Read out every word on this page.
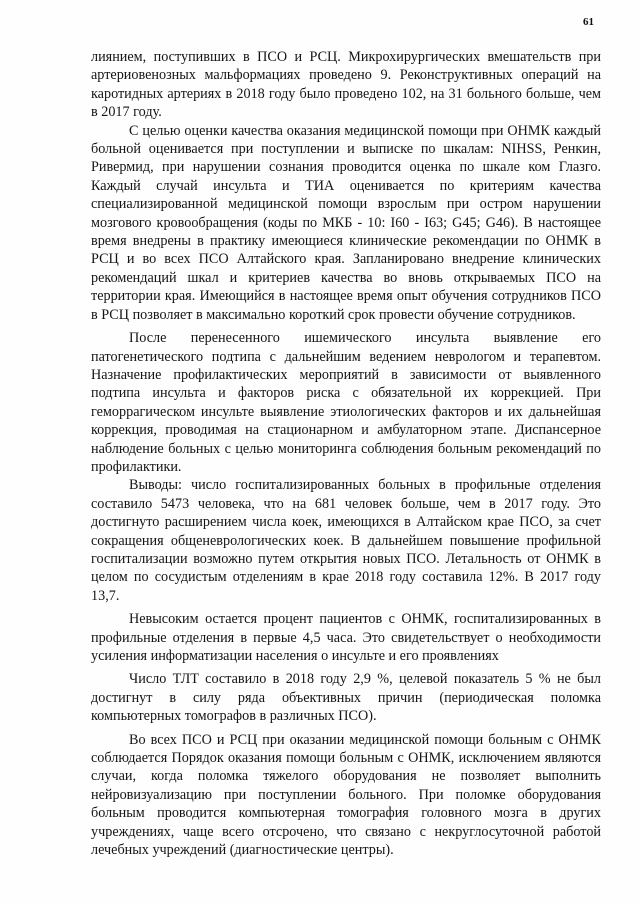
61

лиянием, поступивших в ПСО и РСЦ. Микрохирургических вмешательств при артериовенозных мальформациях проведено 9. Реконструктивных операций на каротидных артериях в 2018 году было проведено 102, на 31 больного больше, чем в 2017 году.

С целью оценки качества оказания медицинской помощи при ОНМК каждый больной оценивается при поступлении и выписке по шкалам: NIHSS, Ренкин, Ривермид, при нарушении сознания проводится оценка по шкале ком Глазго. Каждый случай инсульта и ТИА оценивается по критериям качества специализированной медицинской помощи взрослым при остром нарушении мозгового кровообращения (коды по МКБ - 10: I60 - I63; G45; G46). В настоящее время внедрены в практику имеющиеся клинические рекомендации по ОНМК в РСЦ и во всех ПСО Алтайского края. Запланировано внедрение клинических рекомендаций шкал и критериев качества во вновь открываемых ПСО на территории края. Имеющийся в настоящее время опыт обучения сотрудников ПСО в РСЦ позволяет в максимально короткий срок провести обучение сотрудников.

После перенесенного ишемического инсульта выявление его патогенетического подтипа с дальнейшим ведением неврологом и терапевтом. Назначение профилактических мероприятий в зависимости от выявленного подтипа инсульта и факторов риска с обязательной их коррекцией. При геморрагическом инсульте выявление этиологических факторов и их дальнейшая коррекция, проводимая на стационарном и амбулаторном этапе. Диспансерное наблюдение больных с целью мониторинга соблюдения больным рекомендаций по профилактики.

Выводы: число госпитализированных больных в профильные отделения составило 5473 человека, что на 681 человек больше, чем в 2017 году. Это достигнуто расширением числа коек, имеющихся в Алтайском крае ПСО, за счет сокращения общеневрологических коек. В дальнейшем повышение профильной госпитализации возможно путем открытия новых ПСО. Летальность от ОНМК в целом по сосудистым отделениям в крае 2018 году составила 12%. В 2017 году 13,7.

Невысоким остается процент пациентов с ОНМК, госпитализированных в профильные отделения в первые 4,5 часа. Это свидетельствует о необходимости усиления информатизации населения о инсульте и его проявлениях

Число ТЛТ составило в 2018 году 2,9 %, целевой показатель 5 % не был достигнут в силу ряда объективных причин (периодическая поломка компьютерных томографов в различных ПСО).

Во всех ПСО и РСЦ при оказании медицинской помощи больным с ОНМК соблюдается Порядок оказания помощи больным с ОНМК, исключением являются случаи, когда поломка тяжелого оборудования не позволяет выполнить нейровизуализацию при поступлении больного. При поломке оборудования больным проводится компьютерная томография головного мозга в других учреждениях, чаще всего отсрочено, что связано с некруглосуточной работой лечебных учреждений (диагностические центры).
